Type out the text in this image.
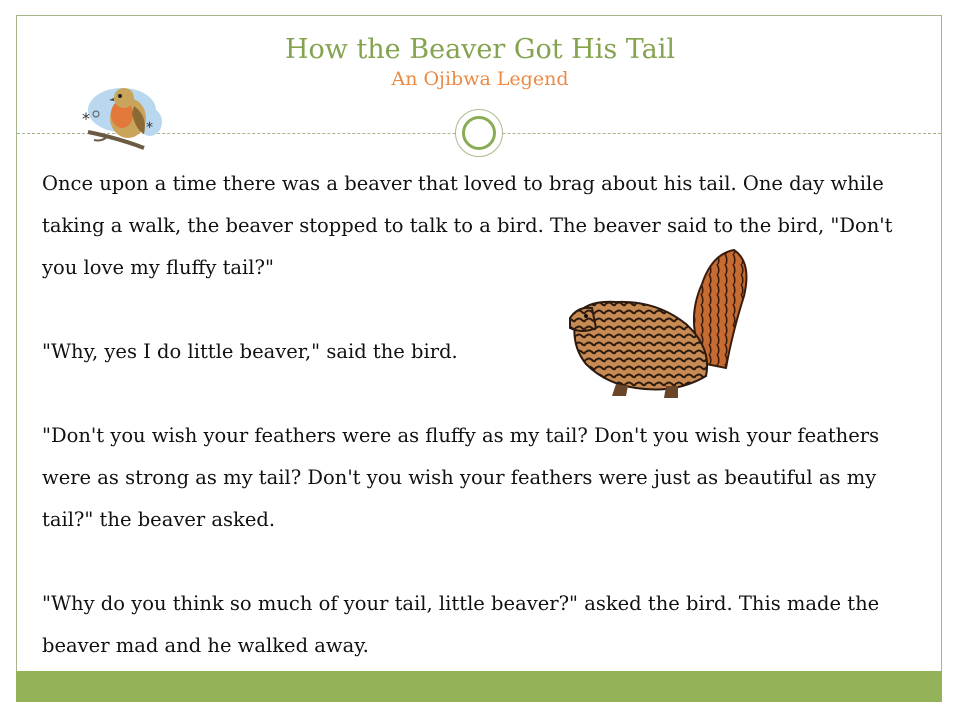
How the Beaver Got His Tail
An Ojibwa Legend
*	*

Once upon a time there was a beaver that loved to brag about his tail. One day while taking a walk, the beaver stopped to talk to a bird. The beaver said to the bird, "Don't you love my fluffy tail?"

"Why, yes I do little beaver," said the bird.

"Don't you wish your feathers were as fluffy as my tail? Don't you wish your feathers were as strong as my tail? Don't you wish your feathers were just as beautiful as my tail?" the beaver asked.

"Why do you think so much of your tail, little beaver?" asked the bird. This made the beaver mad and he walked away.
